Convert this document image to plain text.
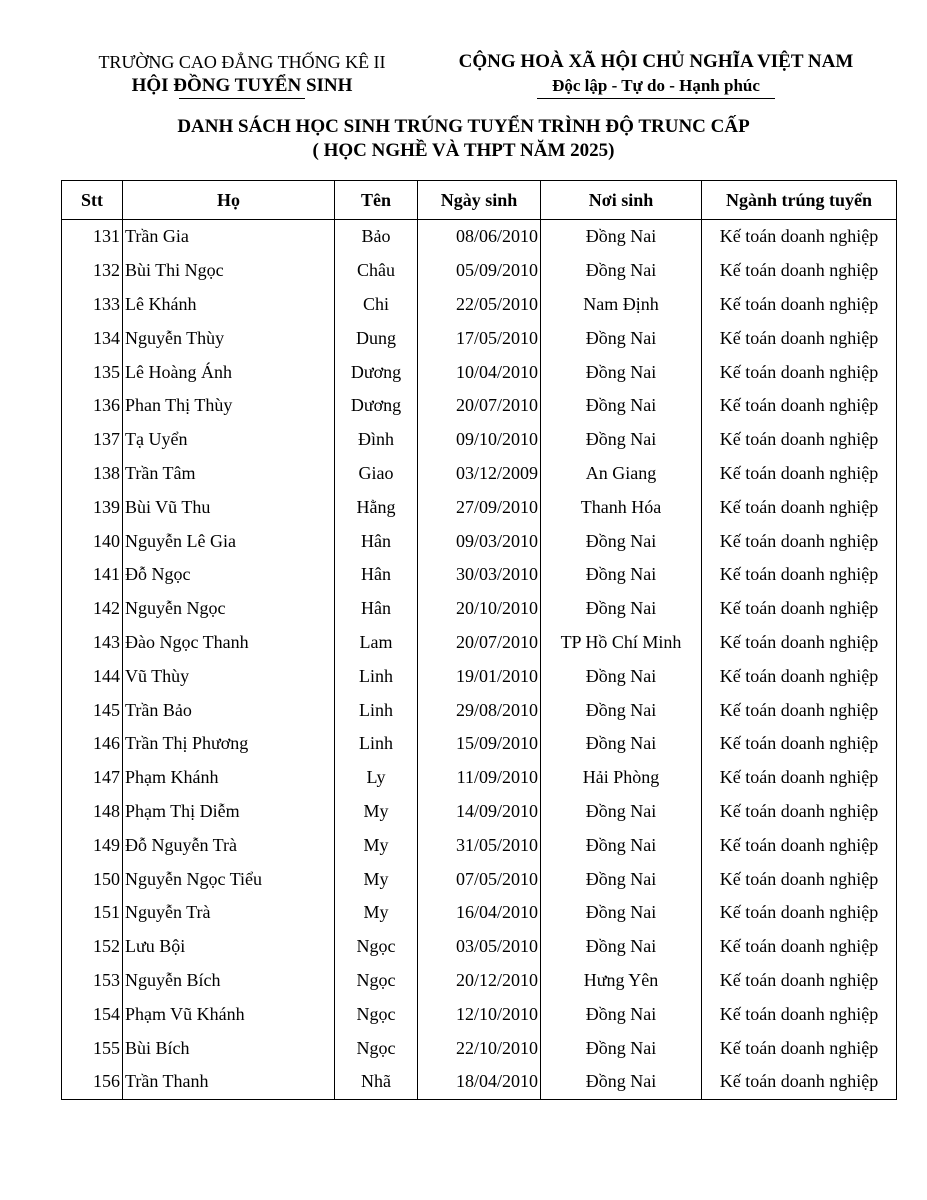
TRƯỜNG CAO ĐẲNG THỐNG KÊ II
HỘI ĐỒNG TUYỂN SINH
CỘNG HOÀ XÃ HỘI CHỦ NGHĨA VIỆT NAM
Độc lập - Tự do - Hạnh phúc
DANH SÁCH HỌC SINH TRÚNG TUYỂN TRÌNH ĐỘ TRUNC CẤP
( HỌC NGHỀ VÀ THPT NĂM 2025)
Stt	Họ	Tên	Ngày sinh	Nơi sinh	Ngành trúng tuyển
131	Trần Gia	Bảo	08/06/2010	Đồng Nai	Kế toán doanh nghiệp
132	Bùi Thi Ngọc	Châu	05/09/2010	Đồng Nai	Kế toán doanh nghiệp
133	Lê Khánh	Chi	22/05/2010	Nam Định	Kế toán doanh nghiệp
134	Nguyễn Thùy	Dung	17/05/2010	Đồng Nai	Kế toán doanh nghiệp
135	Lê Hoàng Ánh	Dương	10/04/2010	Đồng Nai	Kế toán doanh nghiệp
136	Phan Thị Thùy	Dương	20/07/2010	Đồng Nai	Kế toán doanh nghiệp
137	Tạ Uyển	Đình	09/10/2010	Đồng Nai	Kế toán doanh nghiệp
138	Trần Tâm	Giao	03/12/2009	An Giang	Kế toán doanh nghiệp
139	Bùi Vũ Thu	Hằng	27/09/2010	Thanh Hóa	Kế toán doanh nghiệp
140	Nguyễn Lê Gia	Hân	09/03/2010	Đồng Nai	Kế toán doanh nghiệp
141	Đỗ Ngọc	Hân	30/03/2010	Đồng Nai	Kế toán doanh nghiệp
142	Nguyễn Ngọc	Hân	20/10/2010	Đồng Nai	Kế toán doanh nghiệp
143	Đào Ngọc Thanh	Lam	20/07/2010	TP Hồ Chí Minh	Kế toán doanh nghiệp
144	Vũ Thùy	Linh	19/01/2010	Đồng Nai	Kế toán doanh nghiệp
145	Trần Bảo	Linh	29/08/2010	Đồng Nai	Kế toán doanh nghiệp
146	Trần Thị Phương	Linh	15/09/2010	Đồng Nai	Kế toán doanh nghiệp
147	Phạm Khánh	Ly	11/09/2010	Hải Phòng	Kế toán doanh nghiệp
148	Phạm Thị Diễm	My	14/09/2010	Đồng Nai	Kế toán doanh nghiệp
149	Đỗ Nguyễn Trà	My	31/05/2010	Đồng Nai	Kế toán doanh nghiệp
150	Nguyễn Ngọc Tiểu	My	07/05/2010	Đồng Nai	Kế toán doanh nghiệp
151	Nguyễn Trà	My	16/04/2010	Đồng Nai	Kế toán doanh nghiệp
152	Lưu Bội	Ngọc	03/05/2010	Đồng Nai	Kế toán doanh nghiệp
153	Nguyễn Bích	Ngọc	20/12/2010	Hưng Yên	Kế toán doanh nghiệp
154	Phạm Vũ Khánh	Ngọc	12/10/2010	Đồng Nai	Kế toán doanh nghiệp
155	Bùi Bích	Ngọc	22/10/2010	Đồng Nai	Kế toán doanh nghiệp
156	Trần Thanh	Nhã	18/04/2010	Đồng Nai	Kế toán doanh nghiệp
